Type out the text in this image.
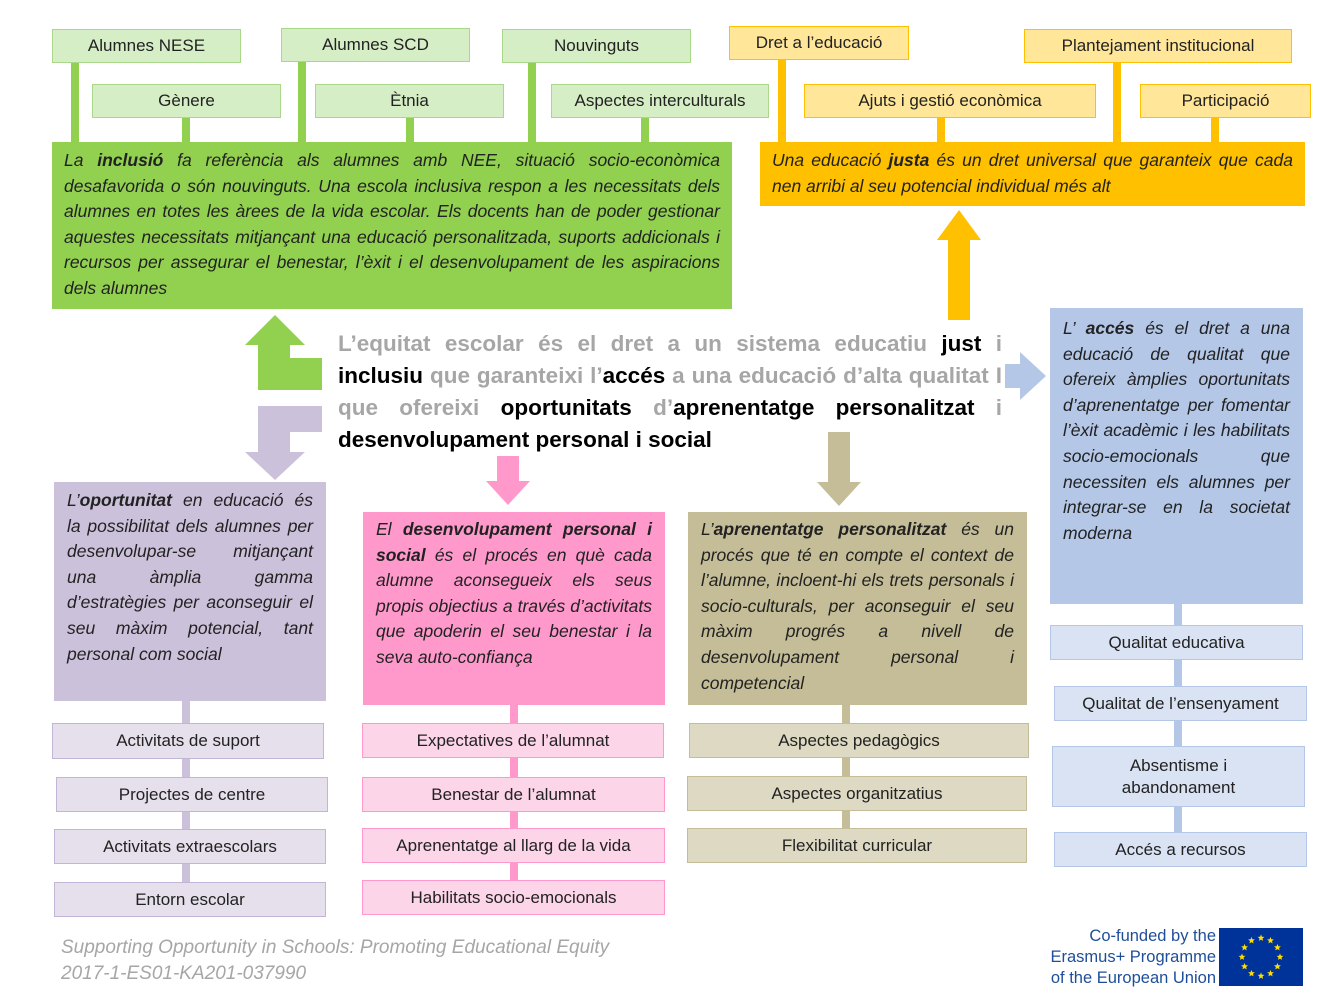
Alumnes NESE	Alumnes SCD	Nouvinguts
Gènere	Ètnia	Aspectes interculturals
Dret a l’educació	Plantejament institucional
Ajuts i gestió econòmica	Participació
La inclusió fa referència als alumnes amb NEE, situació socio-econòmica desafavorida o són nouvinguts. Una escola inclusiva respon a les necessitats dels alumnes en totes les àrees de la vida escolar. Els docents han de poder gestionar aquestes necessitats mitjançant una educació personalitzada, suports addicionals i recursos per assegurar el benestar, l’èxit i el desenvolupament de les aspiracions dels alumnes
Una educació justa és un dret universal que garanteix que cada nen arribi al seu potencial individual més alt
L’ accés és el dret a una educació de qualitat que ofereix àmplies oportunitats d’aprenentatge per fomentar l’èxit acadèmic i les habilitats socio-emocionals que necessiten els alumnes per integrar-se en la societat moderna
L’oportunitat en educació és la possibilitat dels alumnes per desenvolupar-se mitjançant una àmplia gamma d’estratègies per aconseguir el seu màxim potencial, tant personal com social
El desenvolupament personal i social és el procés en què cada alumne aconsegueix els seus propis objectius a través d’activitats que apoderin el seu benestar i la seva auto-confiança
L’aprenentatge personalitzat és un procés que té en compte el context de l’alumne, incloent-hi els trets personals i socio-culturals, per aconseguir el seu màxim progrés a nivell de desenvolupament personal i competencial
L’equitat escolar és el dret a un sistema educatiu just i inclusiu que garanteixi l’accés a una educació d’alta qualitat I que ofereixi oportunitats d’aprenentatge personalitzat i desenvolupament personal i social
Activitats de suport
Projectes de centre
Activitats extraescolars
Entorn escolar
Expectatives de l’alumnat
Benestar de l’alumnat
Aprenentatge al llarg de la vida
Habilitats socio-emocionals
Aspectes pedagògics
Aspectes organitzatius
Flexibilitat curricular
Qualitat educativa
Qualitat de l’ensenyament
Absentisme i abandonament
Accés a recursos
Supporting Opportunity in Schools: Promoting Educational Equity
2017-1-ES01-KA201-037990
Co-funded by the
Erasmus+ Programme
of the European Union
